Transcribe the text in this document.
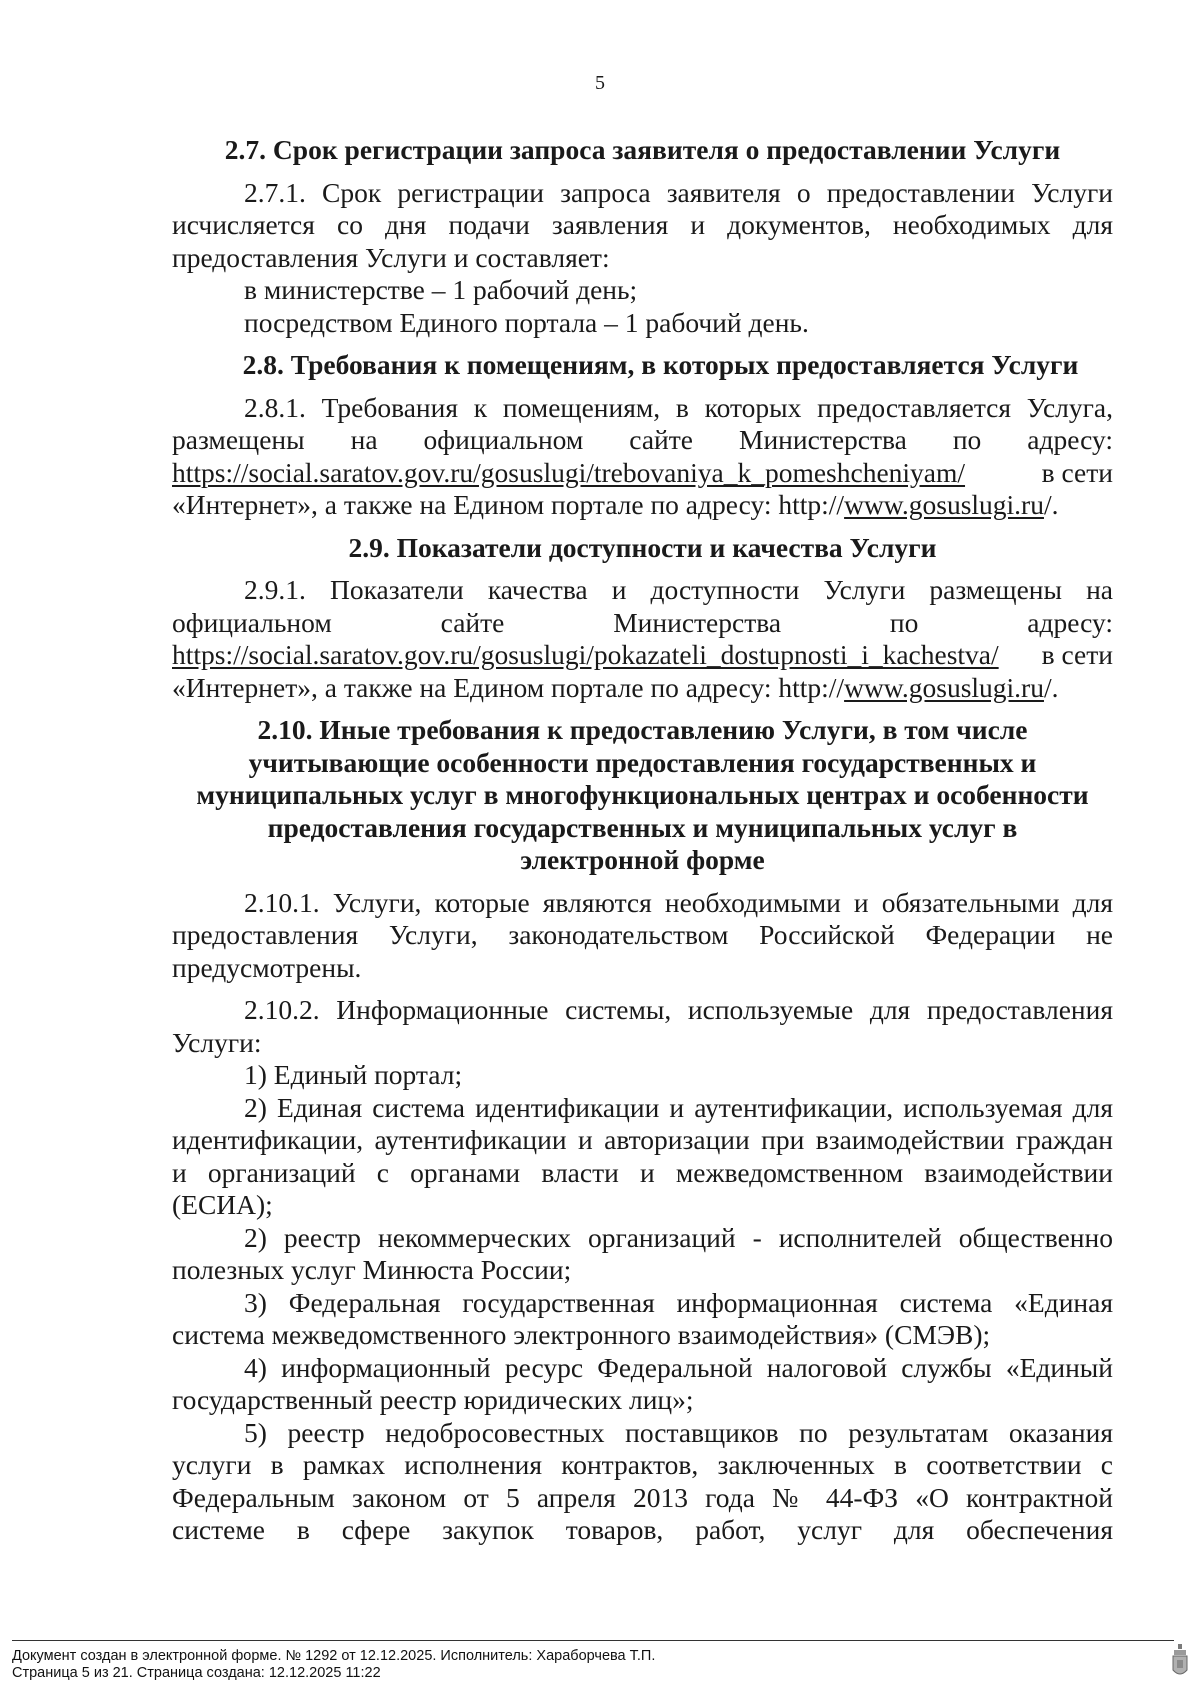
5
2.7. Срок регистрации запроса заявителя о предоставлении Услуги
2.7.1. Срок регистрации запроса заявителя о предоставлении Услуги
исчисляется со дня подачи заявления и документов, необходимых для
предоставления Услуги и составляет:
в министерстве – 1 рабочий день;
посредством Единого портала – 1 рабочий день.
2.8. Требования к помещениям, в которых предоставляется Услуги
2.8.1. Требования к помещениям, в которых предоставляется Услуга,
размещены на официальном сайте Министерства по адресу:
https://social.saratov.gov.ru/gosuslugi/trebovaniya_k_pomeshcheniyam/	в сети
«Интернет», а также на Едином портале по адресу: http://www.gosuslugi.ru/.
2.9. Показатели доступности и качества Услуги
2.9.1. Показатели качества и доступности Услуги размещены на
официальном сайте Министерства по адресу:
https://social.saratov.gov.ru/gosuslugi/pokazateli_dostupnosti_i_kachestva/ в сети
«Интернет», а также на Едином портале по адресу: http://www.gosuslugi.ru/.
2.10. Иные требования к предоставлению Услуги, в том числе
учитывающие особенности предоставления государственных и
муниципальных услуг в многофункциональных центрах и особенности
предоставления государственных и муниципальных услуг в
электронной форме
2.10.1. Услуги, которые являются необходимыми и обязательными для
предоставления Услуги, законодательством Российской Федерации не
предусмотрены.
2.10.2. Информационные системы, используемые для предоставления
Услуги:
1) Единый портал;
2) Единая система идентификации и аутентификации, используемая для
идентификации, аутентификации и авторизации при взаимодействии граждан
и организаций с органами власти и межведомственном взаимодействии
(ЕСИА);
2) реестр некоммерческих организаций - исполнителей общественно
полезных услуг Минюста России;
3) Федеральная государственная информационная система «Единая
система межведомственного электронного взаимодействия» (СМЭВ);
4) информационный ресурс Федеральной налоговой службы «Единый
государственный реестр юридических лиц»;
5) реестр недобросовестных поставщиков по результатам оказания
услуги в рамках исполнения контрактов, заключенных в соответствии с
Федеральным законом от 5 апреля 2013 года № 44-ФЗ «О контрактной
системе в сфере закупок товаров, работ, услуг для обеспечения
Документ создан в электронной форме. № 1292 от 12.12.2025. Исполнитель: Хараборчева Т.П.
Страница 5 из 21. Страница создана: 12.12.2025 11:22
